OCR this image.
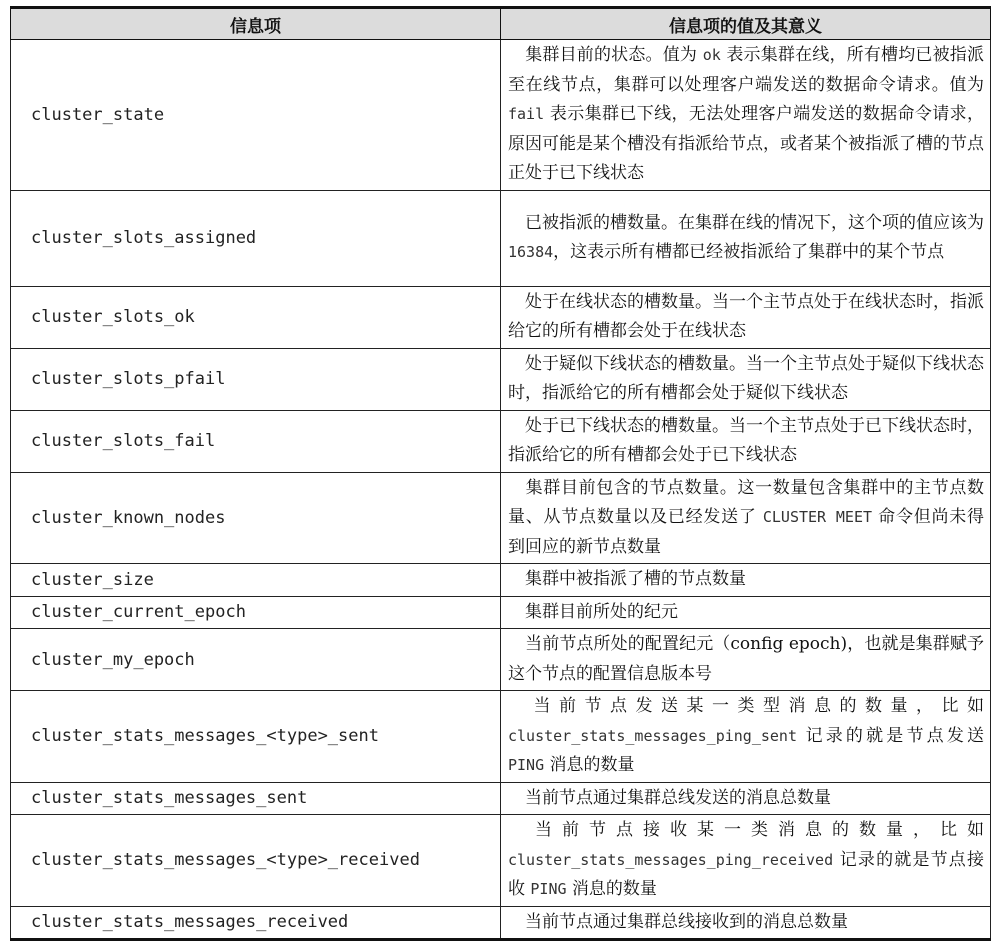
信息项	信息项的值及其意义
cluster_state	集群目前的状态。值为 ok 表示集群在线，所有槽均已被指派至在线节点，集群可以处理客户端发送的数据命令请求。值为 fail 表示集群已下线，无法处理客户端发送的数据命令请求，原因可能是某个槽没有指派给节点，或者某个被指派了槽的节点正处于已下线状态
cluster_slots_assigned	已被指派的槽数量。在集群在线的情况下，这个项的值应该为 16384，这表示所有槽都已经被指派给了集群中的某个节点
cluster_slots_ok	处于在线状态的槽数量。当一个主节点处于在线状态时，指派给它的所有槽都会处于在线状态
cluster_slots_pfail	处于疑似下线状态的槽数量。当一个主节点处于疑似下线状态时，指派给它的所有槽都会处于疑似下线状态
cluster_slots_fail	处于已下线状态的槽数量。当一个主节点处于已下线状态时，指派给它的所有槽都会处于已下线状态
cluster_known_nodes	集群目前包含的节点数量。这一数量包含集群中的主节点数量、从节点数量以及已经发送了 CLUSTER MEET 命令但尚未得到回应的新节点数量
cluster_size	集群中被指派了槽的节点数量
cluster_current_epoch	集群目前所处的纪元
cluster_my_epoch	当前节点所处的配置纪元（config epoch)，也就是集群赋予这个节点的配置信息版本号
cluster_stats_messages_<type>_sent	当前节点发送某一类型消息的数量，比如 cluster_stats_messages_ping_sent 记录的就是节点发送 PING 消息的数量
cluster_stats_messages_sent	当前节点通过集群总线发送的消息总数量
cluster_stats_messages_<type>_received	当前节点接收某一类消息的数量，比如 cluster_stats_messages_ping_received 记录的就是节点接收 PING 消息的数量
cluster_stats_messages_received	当前节点通过集群总线接收到的消息总数量
